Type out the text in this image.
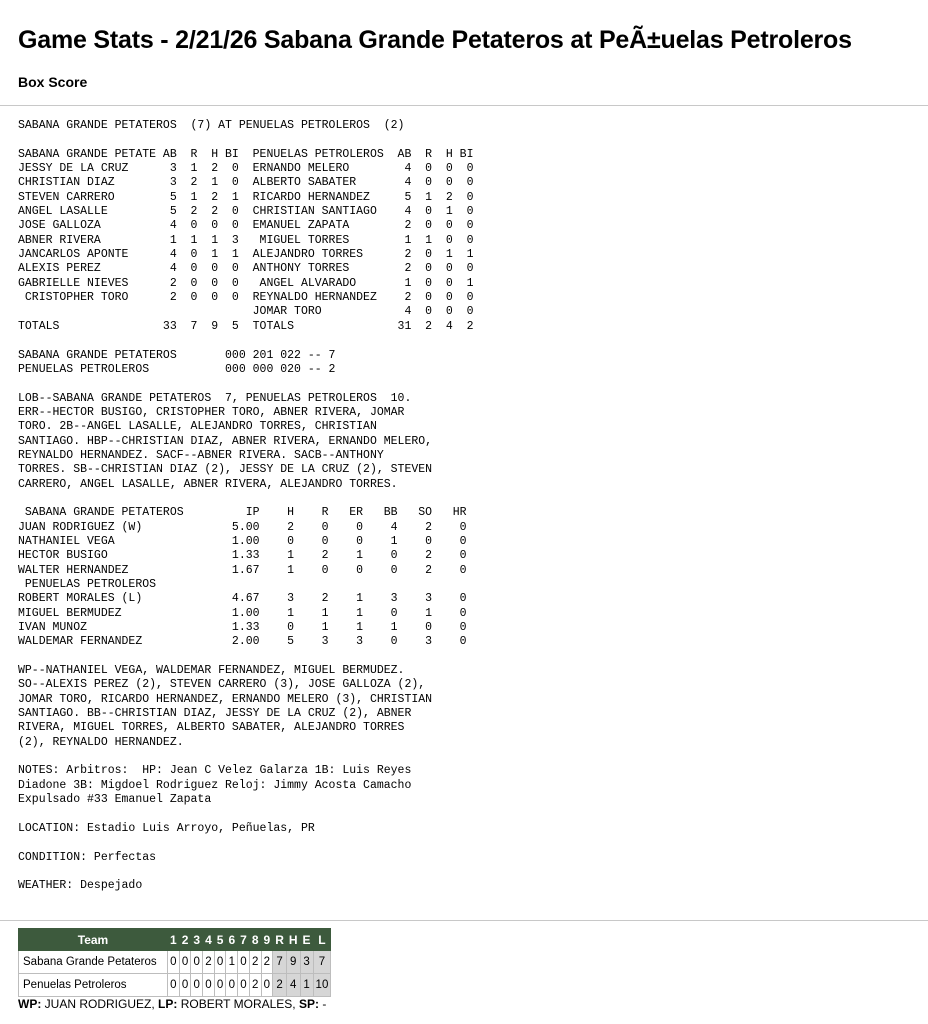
Game Stats - 2/21/26 Sabana Grande Petateros at PeÃ±uelas Petroleros
Box Score
SABANA GRANDE PETATEROS  (7) AT PENUELAS PETROLEROS  (2)

SABANA GRANDE PETATE AB  R  H BI  PENUELAS PETROLEROS  AB  R  H BI
JESSY DE LA CRUZ      3  1  2  0  ERNANDO MELERO        4  0  0  0
CHRISTIAN DIAZ        3  2  1  0  ALBERTO SABATER       4  0  0  0
STEVEN CARRERO        5  1  2  1  RICARDO HERNANDEZ     5  1  2  0
ANGEL LASALLE         5  2  2  0  CHRISTIAN SANTIAGO    4  0  1  0
JOSE GALLOZA          4  0  0  0  EMANUEL ZAPATA        2  0  0  0
ABNER RIVERA          1  1  1  3   MIGUEL TORRES        1  1  0  0
JANCARLOS APONTE      4  0  1  1  ALEJANDRO TORRES      2  0  1  1
ALEXIS PEREZ          4  0  0  0  ANTHONY TORRES        2  0  0  0
GABRIELLE NIEVES      2  0  0  0   ANGEL ALVARADO       1  0  0  1
CRISTOPHER TORO      2  0  0  0  REYNALDO HERNANDEZ    2  0  0  0
JOMAR TORO            4  0  0  0
TOTALS               33  7  9  5  TOTALS               31  2  4  2

SABANA GRANDE PETATEROS       000 201 022 -- 7
PENUELAS PETROLEROS           000 000 020 -- 2

LOB--SABANA GRANDE PETATEROS  7, PENUELAS PETROLEROS  10.
ERR--HECTOR BUSIGO, CRISTOPHER TORO, ABNER RIVERA, JOMAR
TORO. 2B--ANGEL LASALLE, ALEJANDRO TORRES, CHRISTIAN
SANTIAGO. HBP--CHRISTIAN DIAZ, ABNER RIVERA, ERNANDO MELERO,
REYNALDO HERNANDEZ. SACF--ABNER RIVERA. SACB--ANTHONY
TORRES. SB--CHRISTIAN DIAZ (2), JESSY DE LA CRUZ (2), STEVEN
CARRERO, ANGEL LASALLE, ABNER RIVERA, ALEJANDRO TORRES.

SABANA GRANDE PETATEROS         IP    H    R   ER   BB   SO   HR
JUAN RODRIGUEZ (W)             5.00    2    0    0    4    2    0
NATHANIEL VEGA                 1.00    0    0    0    1    0    0
HECTOR BUSIGO                  1.33    1    2    1    0    2    0
WALTER HERNANDEZ               1.67    1    0    0    0    2    0
PENUELAS PETROLEROS
ROBERT MORALES (L)             4.67    3    2    1    3    3    0
MIGUEL BERMUDEZ                1.00    1    1    1    0    1    0
IVAN MUNOZ                     1.33    0    1    1    1    0    0
WALDEMAR FERNANDEZ             2.00    5    3    3    0    3    0

WP--NATHANIEL VEGA, WALDEMAR FERNANDEZ, MIGUEL BERMUDEZ.
SO--ALEXIS PEREZ (2), STEVEN CARRERO (3), JOSE GALLOZA (2),
JOMAR TORO, RICARDO HERNANDEZ, ERNANDO MELERO (3), CHRISTIAN
SANTIAGO. BB--CHRISTIAN DIAZ, JESSY DE LA CRUZ (2), ABNER
RIVERA, MIGUEL TORRES, ALBERTO SABATER, ALEJANDRO TORRES
(2), REYNALDO HERNANDEZ.

NOTES: Arbitros:  HP: Jean C Velez Galarza 1B: Luis Reyes
Diadone 3B: Migdoel Rodriguez Reloj: Jimmy Acosta Camacho
Expulsado #33 Emanuel Zapata

LOCATION: Estadio Luis Arroyo, Peñuelas, PR

CONDITION: Perfectas

WEATHER: Despejado
Team	1	2	3	4	5	6	7	8	9	R	H	E	L
Sabana Grande Petateros	0	0	0	2	0	1	0	2	2	7	9	3	7
Penuelas Petroleros	0	0	0	0	0	0	0	2	0	2	4	1	10
WP: JUAN RODRIGUEZ, LP: ROBERT MORALES, SP: -
